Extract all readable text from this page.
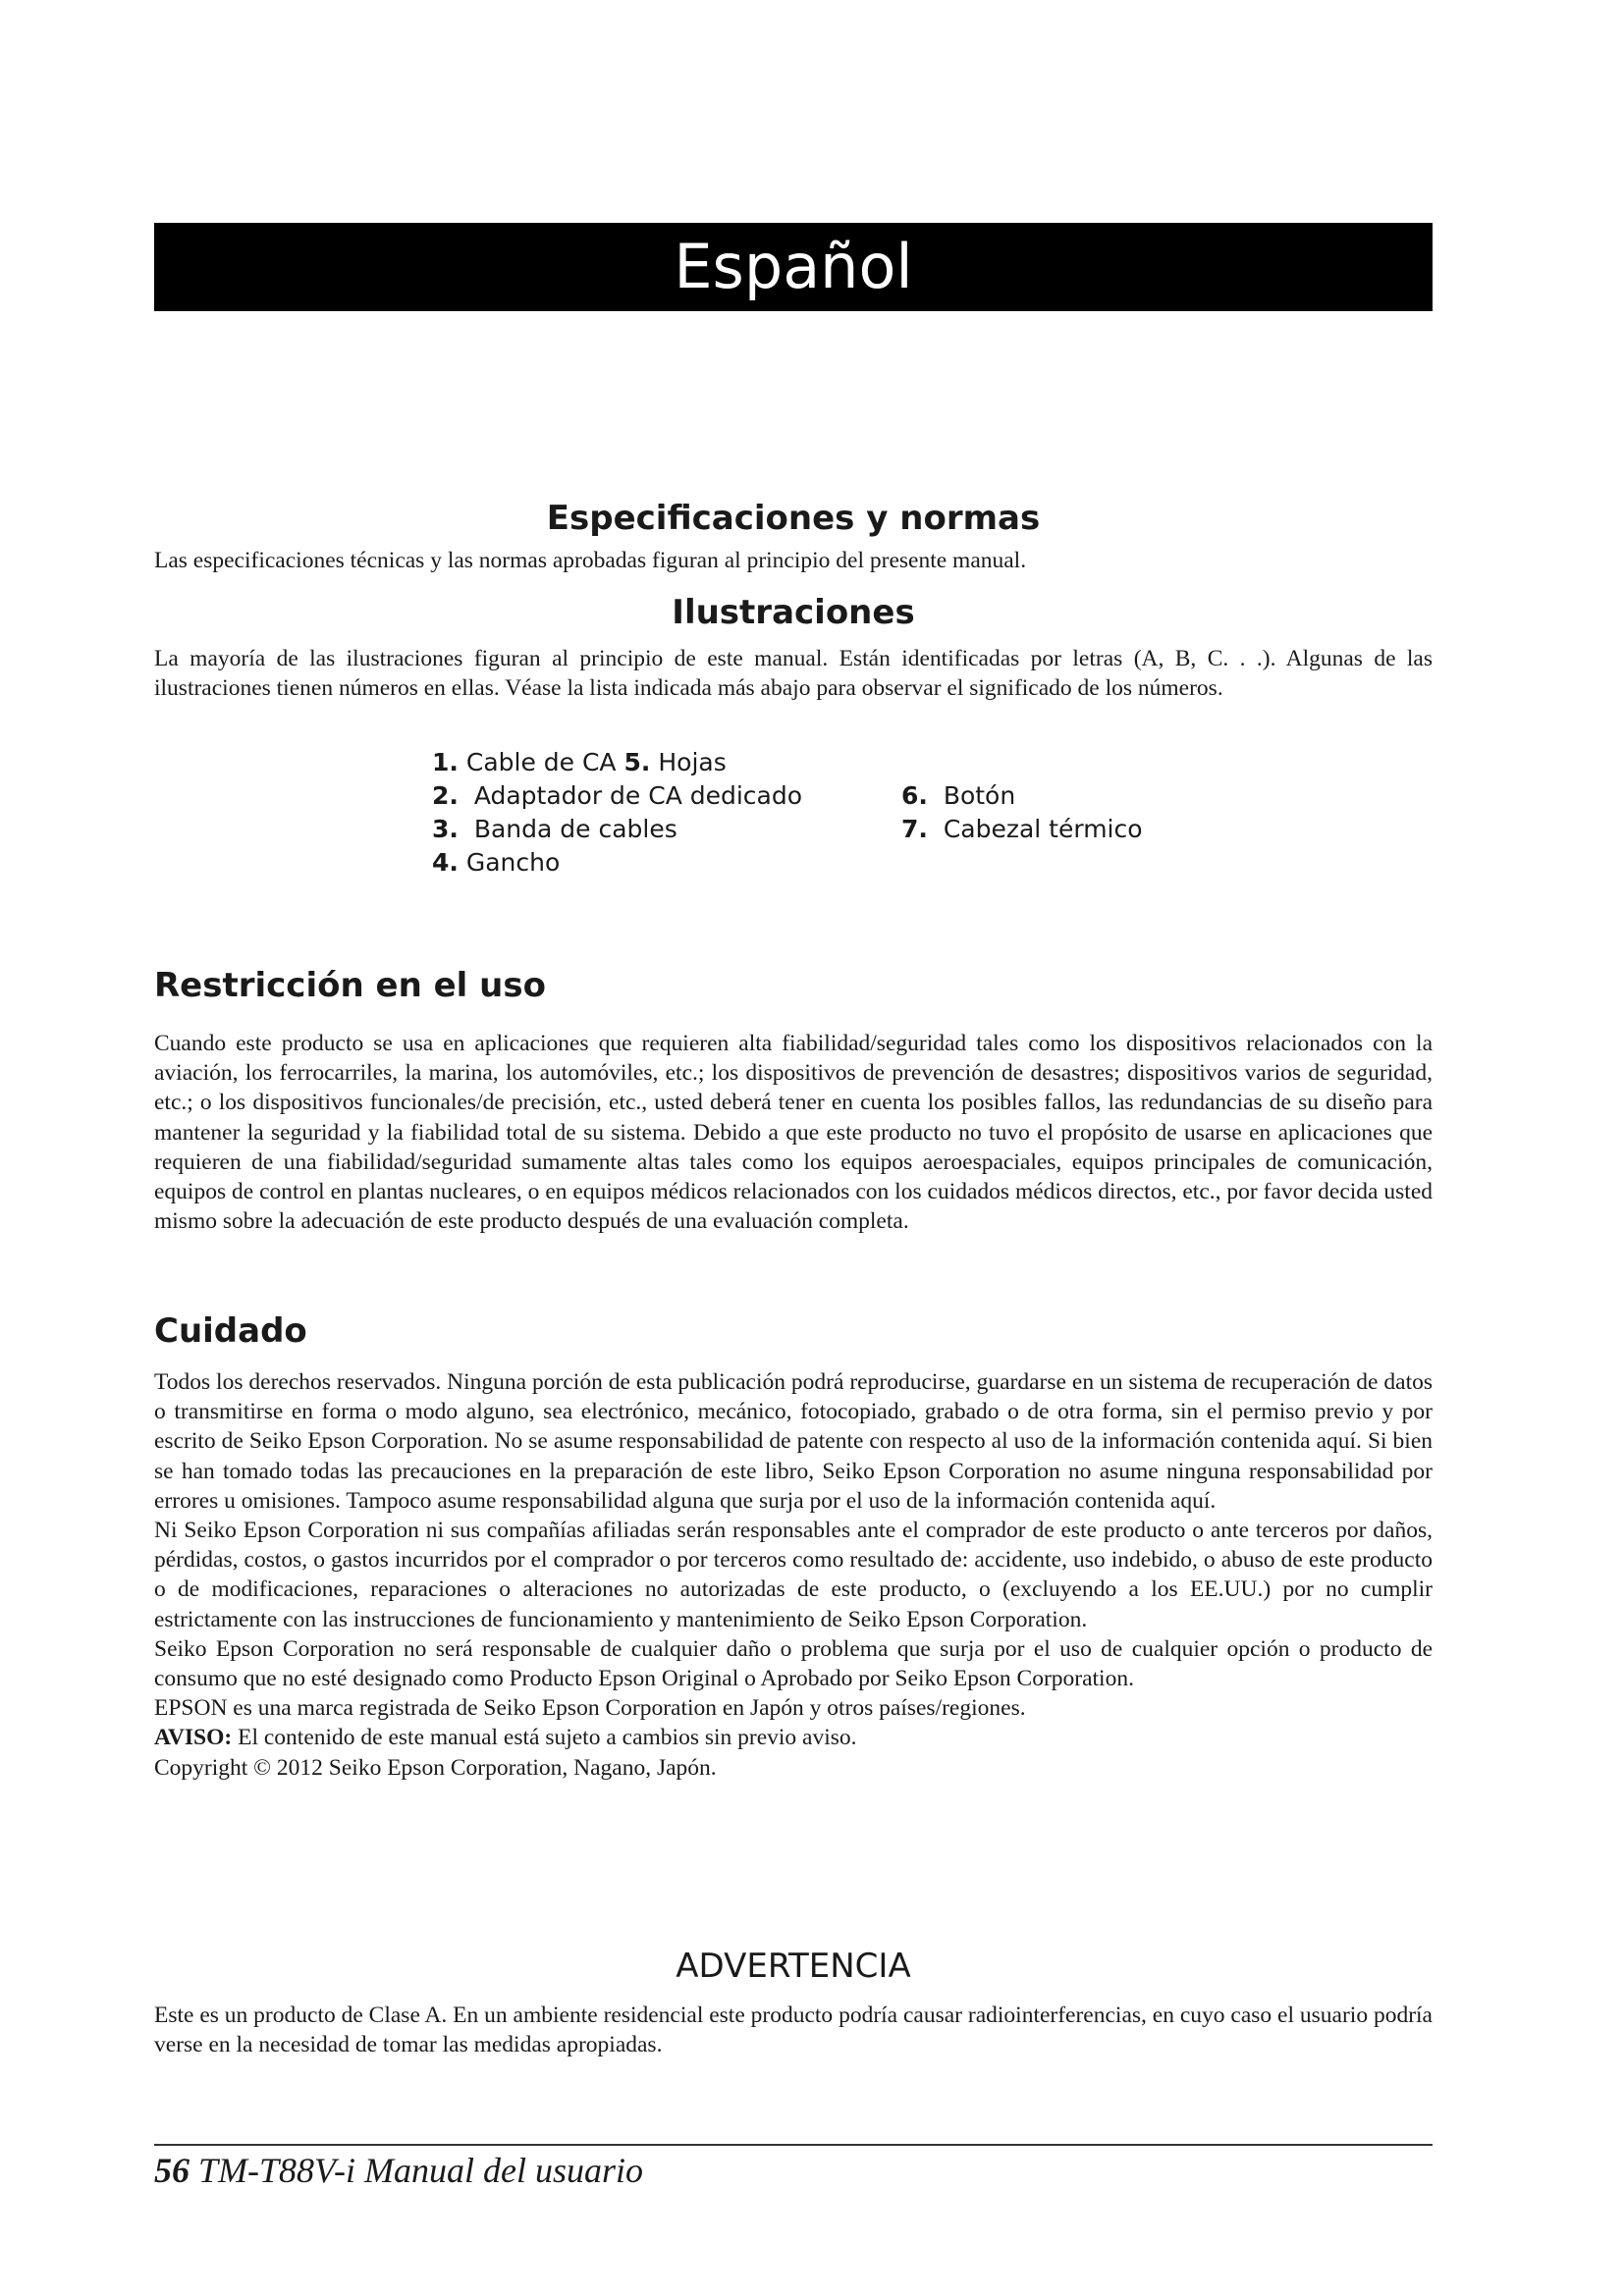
Español
Especificaciones y normas

Las especificaciones técnicas y las normas aprobadas figuran al principio del presente manual.

Ilustraciones

La mayoría de las ilustraciones figuran al principio de este manual. Están identificadas por letras (A, B, C. . .). Algunas de las ilustraciones tienen números en ellas. Véase la lista indicada más abajo para observar el significado de los números.

1. Cable de CA 5. Hojas
2. Adaptador de CA dedicado	6. Botón
3. Banda de cables	7. Cabezal térmico
4. Gancho
Restricción en el uso

Cuando este producto se usa en aplicaciones que requieren alta fiabilidad/seguridad tales como los dispositivos relacionados con la aviación, los ferrocarriles, la marina, los automóviles, etc.; los dispositivos de prevención de desastres; dispositivos varios de seguridad, etc.; o los dispositivos funcionales/de precisión, etc., usted deberá tener en cuenta los posibles fallos, las redundancias de su diseño para mantener la seguridad y la fiabilidad total de su sistema. Debido a que este producto no tuvo el propósito de usarse en aplicaciones que requieren de una fiabilidad/seguridad sumamente altas tales como los equipos aeroespaciales, equipos principales de comunicación, equipos de control en plantas nucleares, o en equipos médicos relacionados con los cuidados médicos directos, etc., por favor decida usted mismo sobre la adecuación de este producto después de una evaluación completa.

Cuidado

Todos los derechos reservados. Ninguna porción de esta publicación podrá reproducirse, guardarse en un sistema de recuperación de datos o transmitirse en forma o modo alguno, sea electrónico, mecánico, fotocopiado, grabado o de otra forma, sin el permiso previo y por escrito de Seiko Epson Corporation. No se asume responsabilidad de patente con respecto al uso de la información contenida aquí. Si bien se han tomado todas las precauciones en la preparación de este libro, Seiko Epson Corporation no asume ninguna responsabilidad por errores u omisiones. Tampoco asume responsabilidad alguna que surja por el uso de la información contenida aquí.

Ni Seiko Epson Corporation ni sus compañías afiliadas serán responsables ante el comprador de este producto o ante terceros por daños, pérdidas, costos, o gastos incurridos por el comprador o por terceros como resultado de: accidente, uso indebido, o abuso de este producto o de modificaciones, reparaciones o alteraciones no autorizadas de este producto, o (excluyendo a los EE.UU.) por no cumplir estrictamente con las instrucciones de funcionamiento y mantenimiento de Seiko Epson Corporation.

Seiko Epson Corporation no será responsable de cualquier daño o problema que surja por el uso de cualquier opción o producto de consumo que no esté designado como Producto Epson Original o Aprobado por Seiko Epson Corporation.

EPSON es una marca registrada de Seiko Epson Corporation en Japón y otros países/regiones.

AVISO: El contenido de este manual está sujeto a cambios sin previo aviso.

Copyright © 2012 Seiko Epson Corporation, Nagano, Japón.

ADVERTENCIA

Este es un producto de Clase A. En un ambiente residencial este producto podría causar radiointerferencias, en cuyo caso el usuario podría verse en la necesidad de tomar las medidas apropiadas.

56 TM-T88V-i Manual del usuario
